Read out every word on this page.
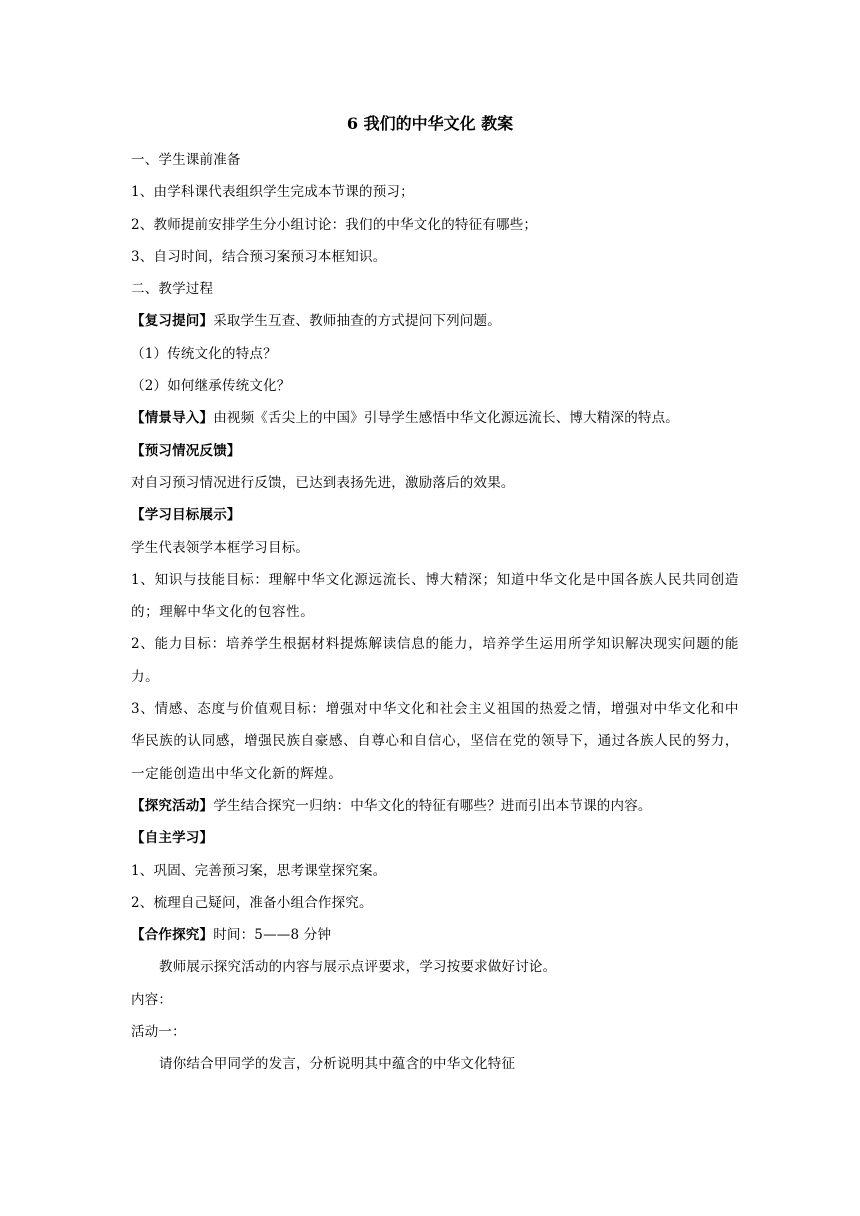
6 我们的中华文化 教案
一、学生课前准备
1、由学科课代表组织学生完成本节课的预习；
2、教师提前安排学生分小组讨论：我们的中华文化的特征有哪些；
3、自习时间，结合预习案预习本框知识。
二、教学过程
【复习提问】采取学生互查、教师抽查的方式提问下列问题。
（1）传统文化的特点？
（2）如何继承传统文化？
【情景导入】由视频《舌尖上的中国》引导学生感悟中华文化源远流长、博大精深的特点。
【预习情况反馈】
对自习预习情况进行反馈，已达到表扬先进，激励落后的效果。
【学习目标展示】
学生代表领学本框学习目标。
1、知识与技能目标：理解中华文化源远流长、博大精深；知道中华文化是中国各族人民共同创造的；理解中华文化的包容性。
2、能力目标：培养学生根据材料提炼解读信息的能力，培养学生运用所学知识解决现实问题的能力。
3、情感、态度与价值观目标：增强对中华文化和社会主义祖国的热爱之情，增强对中华文化和中华民族的认同感，增强民族自豪感、自尊心和自信心，坚信在党的领导下，通过各族人民的努力，一定能创造出中华文化新的辉煌。
【探究活动】学生结合探究一归纳：中华文化的特征有哪些？进而引出本节课的内容。
【自主学习】
1、巩固、完善预习案，思考课堂探究案。
2、梳理自己疑问，准备小组合作探究。
【合作探究】时间：5——8 分钟
教师展示探究活动的内容与展示点评要求，学习按要求做好讨论。
内容：
活动一：
请你结合甲同学的发言，分析说明其中蕴含的中华文化特征
